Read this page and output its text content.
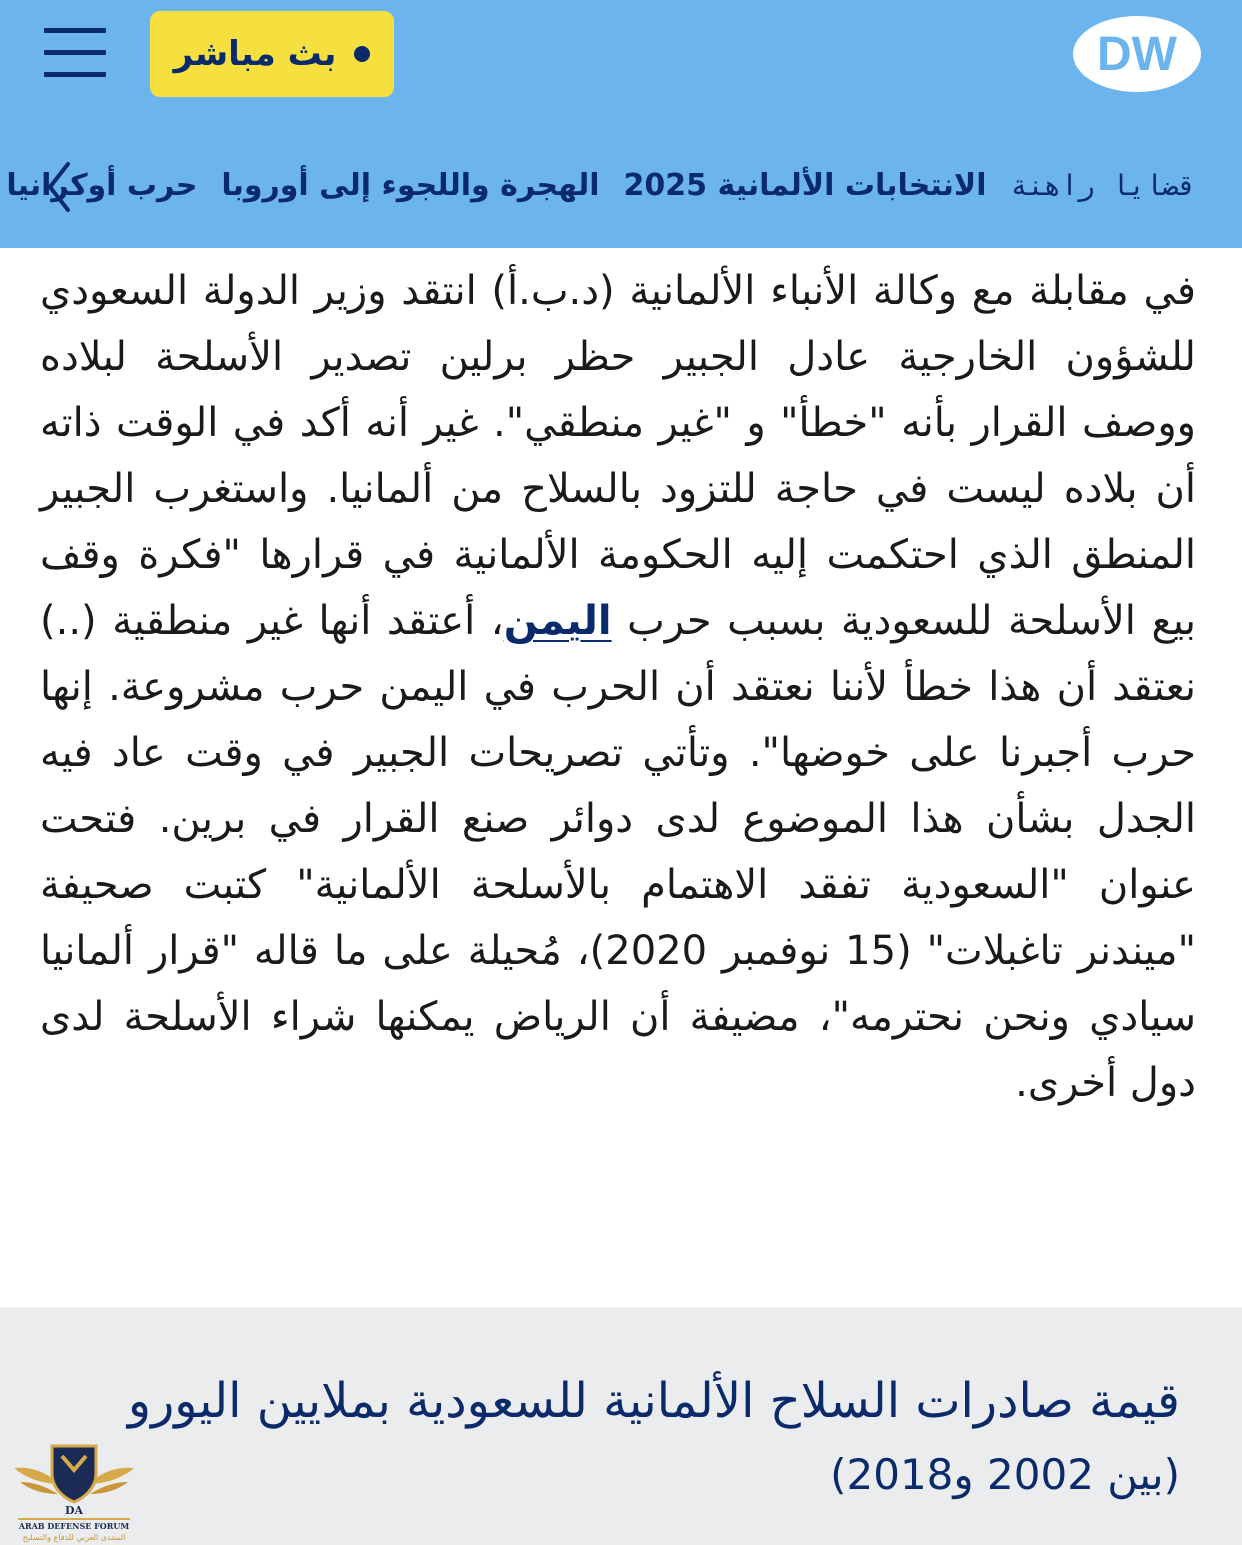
بث مباشر	DW
قضايا راهنة
الانتخابات الألمانية 2025
الهجرة واللجوء إلى أوروبا
حرب أوكرانيا

في مقابلة مع وكالة الأنباء الألمانية (د.ب.أ) انتقد وزير الدولة السعودي للشؤون الخارجية عادل الجبير حظر برلين تصدير الأسلحة لبلاده ووصف القرار بأنه "خطأ" و "غير منطقي". غير أنه أكد في الوقت ذاته أن بلاده ليست في حاجة للتزود بالسلاح من ألمانيا. واستغرب الجبير المنطق الذي احتكمت إليه الحكومة الألمانية في قرارها "فكرة وقف بيع الأسلحة للسعودية بسبب حرب اليمن، أعتقد أنها غير منطقية (..) نعتقد أن هذا خطأ لأننا نعتقد أن الحرب في اليمن حرب مشروعة. إنها حرب أجبرنا على خوضها". وتأتي تصريحات الجبير في وقت عاد فيه الجدل بشأن هذا الموضوع لدى دوائر صنع القرار في برين. فتحت عنوان "السعودية تفقد الاهتمام بالأسلحة الألمانية" كتبت صحيفة "ميندنر تاغبلات" (15 نوفمبر 2020)، مُحيلة على ما قاله "قرار ألمانيا سيادي ونحن نحترمه"، مضيفة أن الرياض يمكنها شراء الأسلحة لدى دول أخرى.

قيمة صادرات السلاح الألمانية للسعودية بملايين اليورو (بين 2002 و2018)

DA
ARAB DEFENSE FORUM
المنتدى العربي للدفاع والتسليح
